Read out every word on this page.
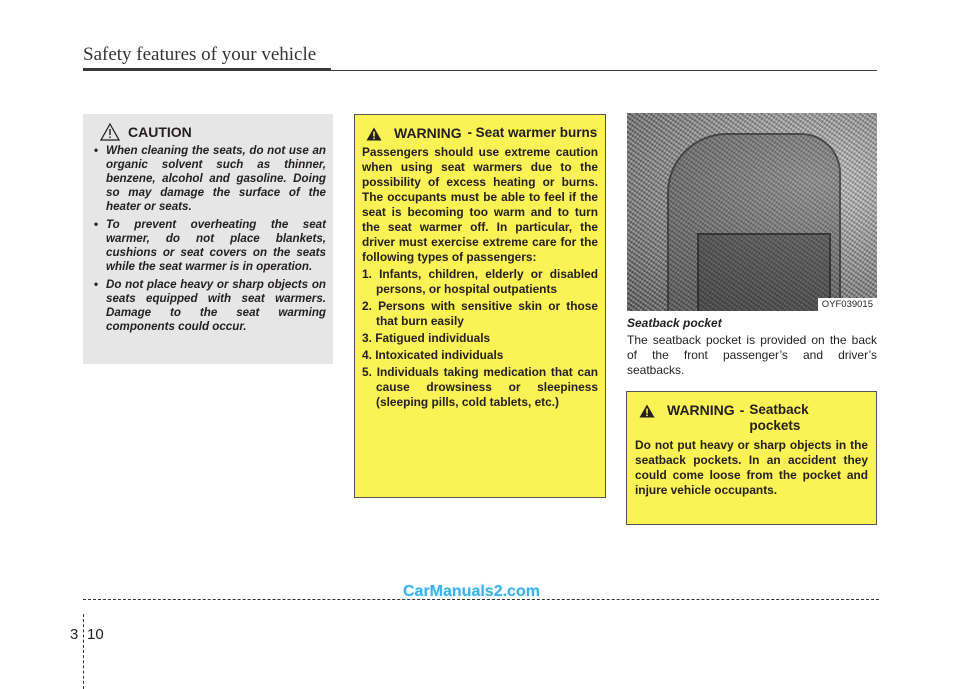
Safety features of your vehicle
CAUTION
• When cleaning the seats, do not use an organic solvent such as thinner, benzene, alcohol and gasoline. Doing so may damage the surface of the heater or seats.
• To prevent overheating the seat warmer, do not place blankets, cushions or seat covers on the seats while the seat warmer is in operation.
• Do not place heavy or sharp objects on seats equipped with seat warmers. Damage to the seat warming components could occur.
WARNING - Seat warmer burns
Passengers should use extreme caution when using seat warmers due to the possibility of excess heating or burns. The occupants must be able to feel if the seat is becoming too warm and to turn the seat warmer off. In particular, the driver must exercise extreme care for the following types of passengers:
1. Infants, children, elderly or disabled persons, or hospital outpatients
2. Persons with sensitive skin or those that burn easily
3. Fatigued individuals
4. Intoxicated individuals
5. Individuals taking medication that can cause drowsiness or sleepiness (sleeping pills, cold tablets, etc.)
OYF039015
Seatback pocket
The seatback pocket is provided on the back of the front passenger’s and driver’s seatbacks.
WARNING - Seatback pockets
Do not put heavy or sharp objects in the seatback pockets. In an accident they could come loose from the pocket and injure vehicle occupants.
CarManuals2.com
3 10
